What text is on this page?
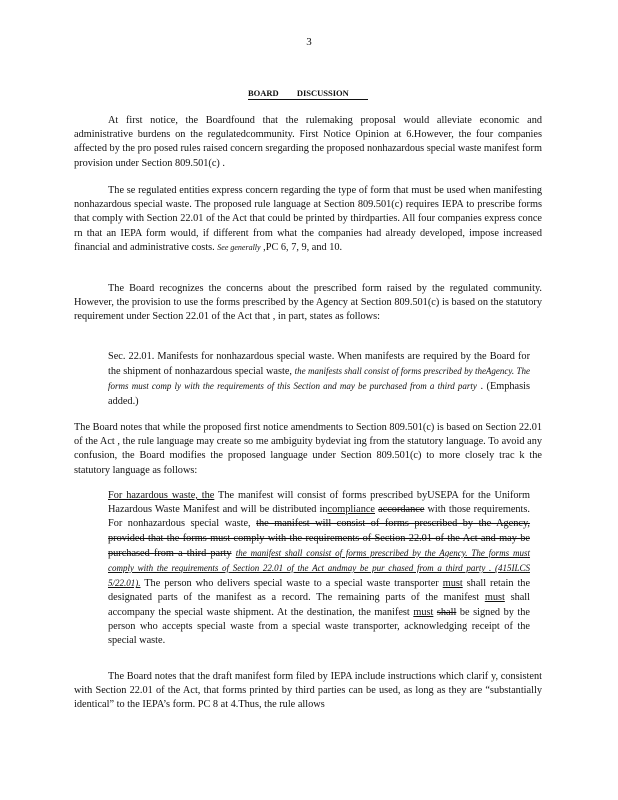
3
BOARD DISCUSSION
At first notice, the Boardfound that the rulemaking proposal would alleviate economic and administrative burdens on the regulatedcommunity. First Notice Opinion at 6.However, the four companies affected by the pro posed rules raised concern sregarding the proposed nonhazardous special waste manifest form provision under Section 809.501(c) .
The se regulated entities express concern regarding the type of form that must be used when manifesting nonhazardous special waste. The proposed rule language at Section 809.501(c) requires IEPA to prescribe forms that comply with Section 22.01 of the Act that could be printed by thirdparties. All four companies express conce rn that an IEPA form would, if different from what the companies had already developed, impose increased financial and administrative costs. See generally ,PC 6, 7, 9, and 10.
The Board recognizes the concerns about the prescribed form raised by the regulated community. However, the provision to use the forms prescribed by the Agency at Section 809.501(c) is based on the statutory requirement under Section 22.01 of the Act that , in part, states as follows:
Sec. 22.01. Manifests for nonhazardous special waste. When manifests are required by the Board for the shipment of nonhazardous special waste, the manifests shall consist of forms prescribed by theAgency. The forms must comp ly with the requirements of this Section and may be purchased from a third party . (Emphasis added.)
The Board notes that while the proposed first notice amendments to Section 809.501(c) is based on Section 22.01 of the Act , the rule language may create so me ambiguity bydeviat ing from the statutory language. To avoid any confusion, the Board modifies the proposed language under Section 809.501(c) to more closely trac k the statutory language as follows:
For hazardous waste, the The manifest will consist of forms prescribed byUSEPA for the Uniform Hazardous Waste Manifest and will be distributed incompliance accordance with those requirements. For nonhazardous special waste, the manifest will consist of forms prescribed by the Agency, provided that the forms must comply with the requirements of Section 22.01 of the Act and may be purchased from a third party the manifest shall consist of forms prescribed by the Agency. The forms must comply with the requirements of Section 22.01 of the Act andmay be pur chased from a third party . (415ILCS 5/22.01). The person who delivers special waste to a special waste transporter must shall retain the designated parts of the manifest as a record. The remaining parts of the manifest must shall accompany the special waste shipment. At the destination, the manifest must shall be signed by the person who accepts special waste from a special waste transporter, acknowledging receipt of the special waste.
The Board notes that the draft manifest form filed by IEPA include instructions which clarif y, consistent with Section 22.01 of the Act, that forms printed by third parties can be used, as long as they are “substantially identical” to the IEPA’s form. PC 8 at 4.Thus, the rule allows
